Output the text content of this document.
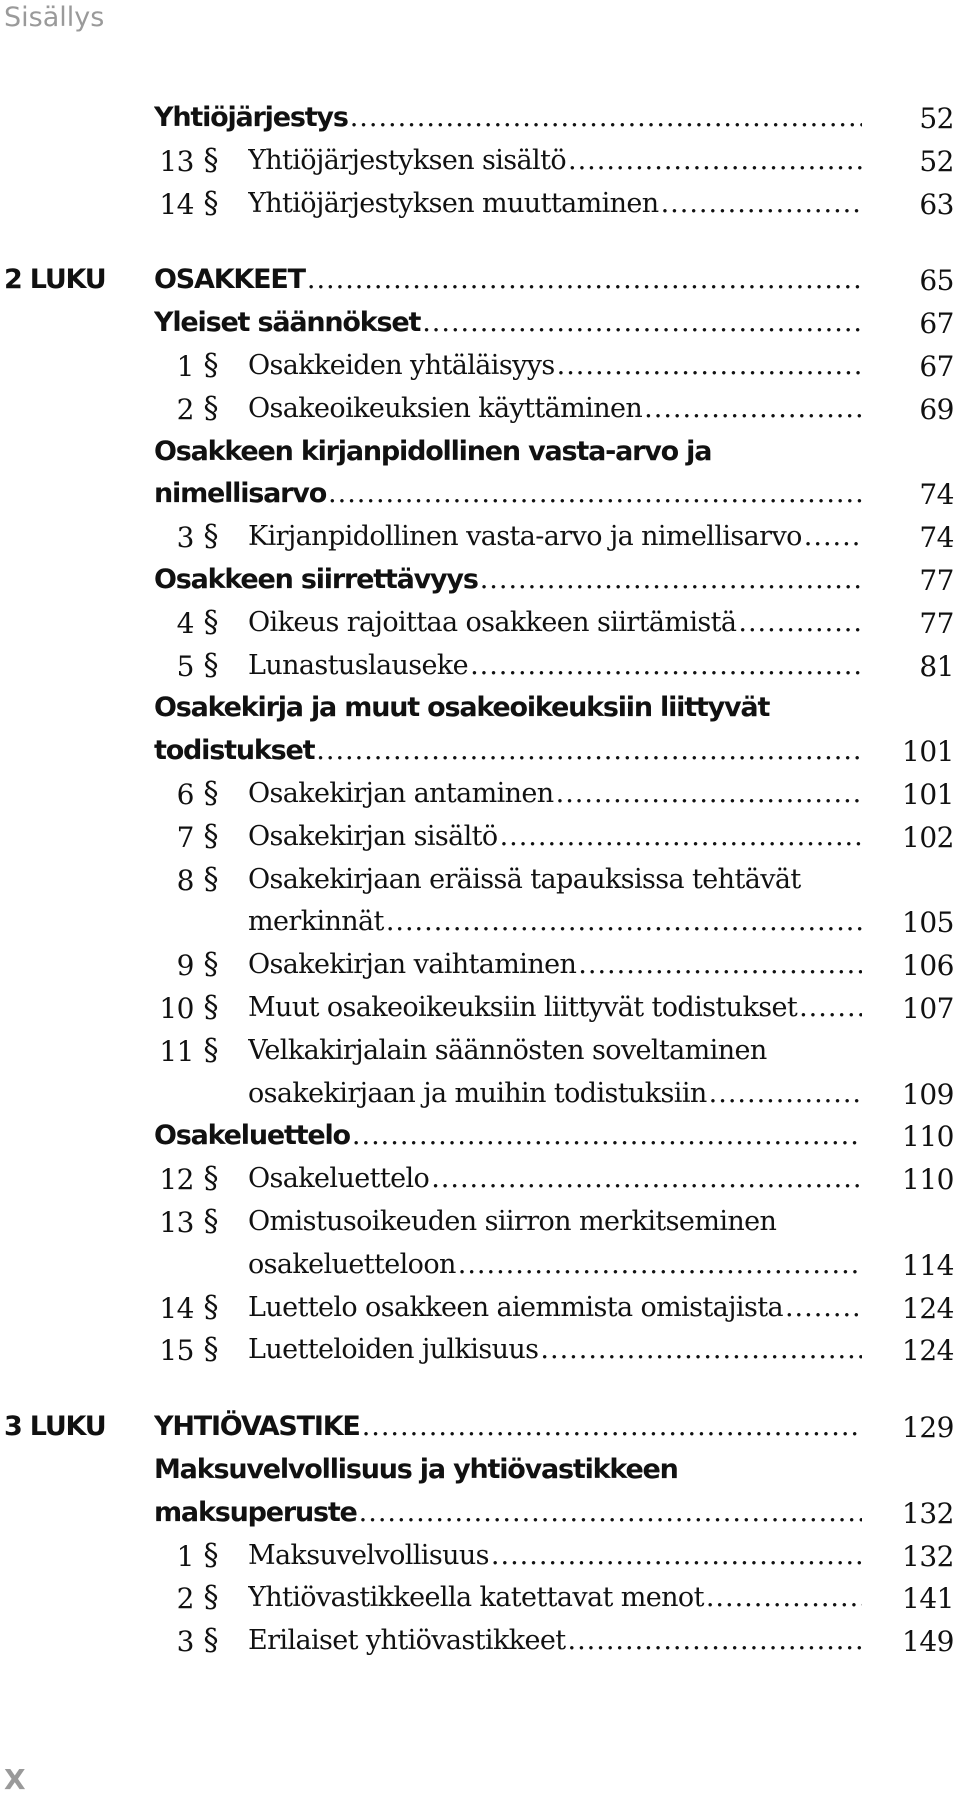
Sisällys
Yhtiöjärjestys .....	52
13 § Yhtiöjärjestyksen sisältö .....	52
14 § Yhtiöjärjestyksen muuttaminen .....	63
2 LUKU OSAKKEET .....	65
Yleiset säännökset .....	67
1 § Osakkeiden yhtäläisyys .....	67
2 § Osakeoikeuksien käyttäminen .....	69
Osakkeen kirjanpidollinen vasta-arvo ja
nimellisarvo .....	74
3 § Kirjanpidollinen vasta-arvo ja nimellisarvo .....	74
Osakkeen siirrettävyys .....	77
4 § Oikeus rajoittaa osakkeen siirtämistä .....	77
5 § Lunastuslauseke .....	81
Osakekirja ja muut osakeoikeuksiin liittyvät
todistukset .....	101
6 § Osakekirjan antaminen .....	101
7 § Osakekirjan sisältö .....	102
8 § Osakekirjaan eräissä tapauksissa tehtävät
merkinnät .....	105
9 § Osakekirjan vaihtaminen .....	106
10 § Muut osakeoikeuksiin liittyvät todistukset .....	107
11 § Velkakirjalain säännösten soveltaminen
osakekirjaan ja muihin todistuksiin .....	109
Osakeluettelo .....	110
12 § Osakeluettelo .....	110
13 § Omistusoikeuden siirron merkitseminen
osakeluetteloon .....	114
14 § Luettelo osakkeen aiemmista omistajista .....	124
15 § Luetteloiden julkisuus .....	124
3 LUKU YHTIÖVASTIKE .....	129
Maksuvelvollisuus ja yhtiövastikkeen
maksuperuste .....	132
1 § Maksuvelvollisuus .....	132
2 § Yhtiövastikkeella katettavat menot .....	141
3 § Erilaiset yhtiövastikkeet .....	149
X
